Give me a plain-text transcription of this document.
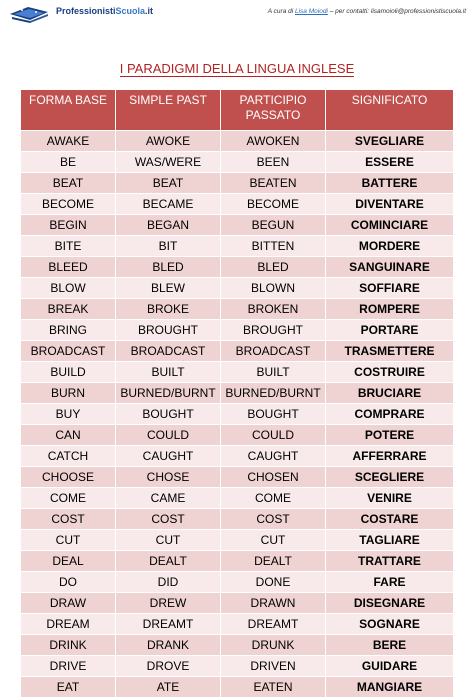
ProfessionistiScuola.it	A cura di Lisa Moiodi – per contatti: lisamoioli@professionistiscuola.it
I PARADIGMI DELLA LINGUA INGLESE
FORMA BASE	SIMPLE PAST	PARTICIPIO PASSATO	SIGNIFICATO
AWAKE	AWOKE	AWOKEN	SVEGLIARE
BE	WAS/WERE	BEEN	ESSERE
BEAT	BEAT	BEATEN	BATTERE
BECOME	BECAME	BECOME	DIVENTARE
BEGIN	BEGAN	BEGUN	COMINCIARE
BITE	BIT	BITTEN	MORDERE
BLEED	BLED	BLED	SANGUINARE
BLOW	BLEW	BLOWN	SOFFIARE
BREAK	BROKE	BROKEN	ROMPERE
BRING	BROUGHT	BROUGHT	PORTARE
BROADCAST	BROADCAST	BROADCAST	TRASMETTERE
BUILD	BUILT	BUILT	COSTRUIRE
BURN	BURNED/BURNT	BURNED/BURNT	BRUCIARE
BUY	BOUGHT	BOUGHT	COMPRARE
CAN	COULD	COULD	POTERE
CATCH	CAUGHT	CAUGHT	AFFERRARE
CHOOSE	CHOSE	CHOSEN	SCEGLIERE
COME	CAME	COME	VENIRE
COST	COST	COST	COSTARE
CUT	CUT	CUT	TAGLIARE
DEAL	DEALT	DEALT	TRATTARE
DO	DID	DONE	FARE
DRAW	DREW	DRAWN	DISEGNARE
DREAM	DREAMT	DREAMT	SOGNARE
DRINK	DRANK	DRUNK	BERE
DRIVE	DROVE	DRIVEN	GUIDARE
EAT	ATE	EATEN	MANGIARE
